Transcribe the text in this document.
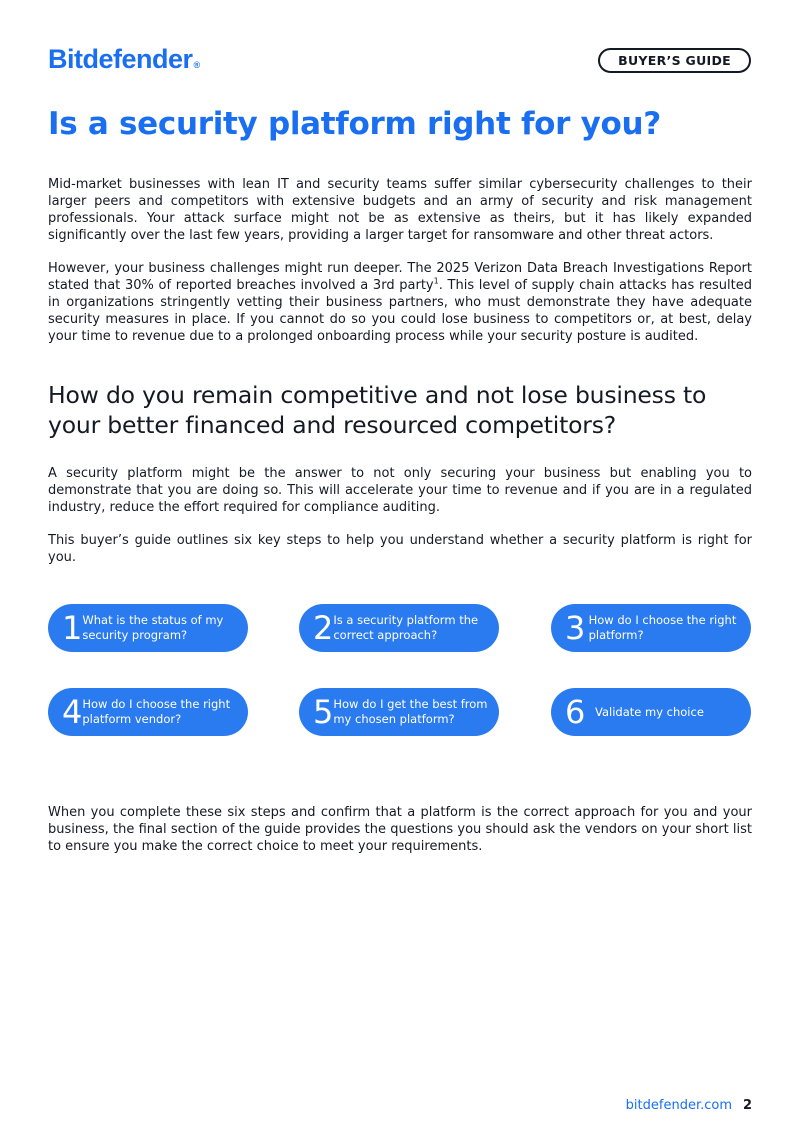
Bitdefender®	BUYER’S GUIDE
Is a security platform right for you?

Mid-market businesses with lean IT and security teams suffer similar cybersecurity challenges to their larger peers and competitors with extensive budgets and an army of security and risk management professionals. Your attack surface might not be as extensive as theirs, but it has likely expanded significantly over the last few years, providing a larger target for ransomware and other threat actors.

However, your business challenges might run deeper. The 2025 Verizon Data Breach Investigations Report stated that 30% of reported breaches involved a 3rd party$^1$. This level of supply chain attacks has resulted in organizations stringently vetting their business partners, who must demonstrate they have adequate security measures in place. If you cannot do so you could lose business to competitors or, at best, delay your time to revenue due to a prolonged onboarding process while your security posture is audited.

How do you remain competitive and not lose business to your better financed and resourced competitors?

A security platform might be the answer to not only securing your business but enabling you to demonstrate that you are doing so. This will accelerate your time to revenue and if you are in a regulated industry, reduce the effort required for compliance auditing.

This buyer’s guide outlines six key steps to help you understand whether a security platform is right for you.

1 What is the status of my security program?	2 Is a security platform the correct approach?	3 How do I choose the right platform?
4 How do I choose the right platform vendor?	5 How do I get the best from my chosen platform?	6 Validate my choice

When you complete these six steps and confirm that a platform is the correct approach for you and your business, the final section of the guide provides the questions you should ask the vendors on your short list to ensure you make the correct choice to meet your requirements.

bitdefender.com 2
